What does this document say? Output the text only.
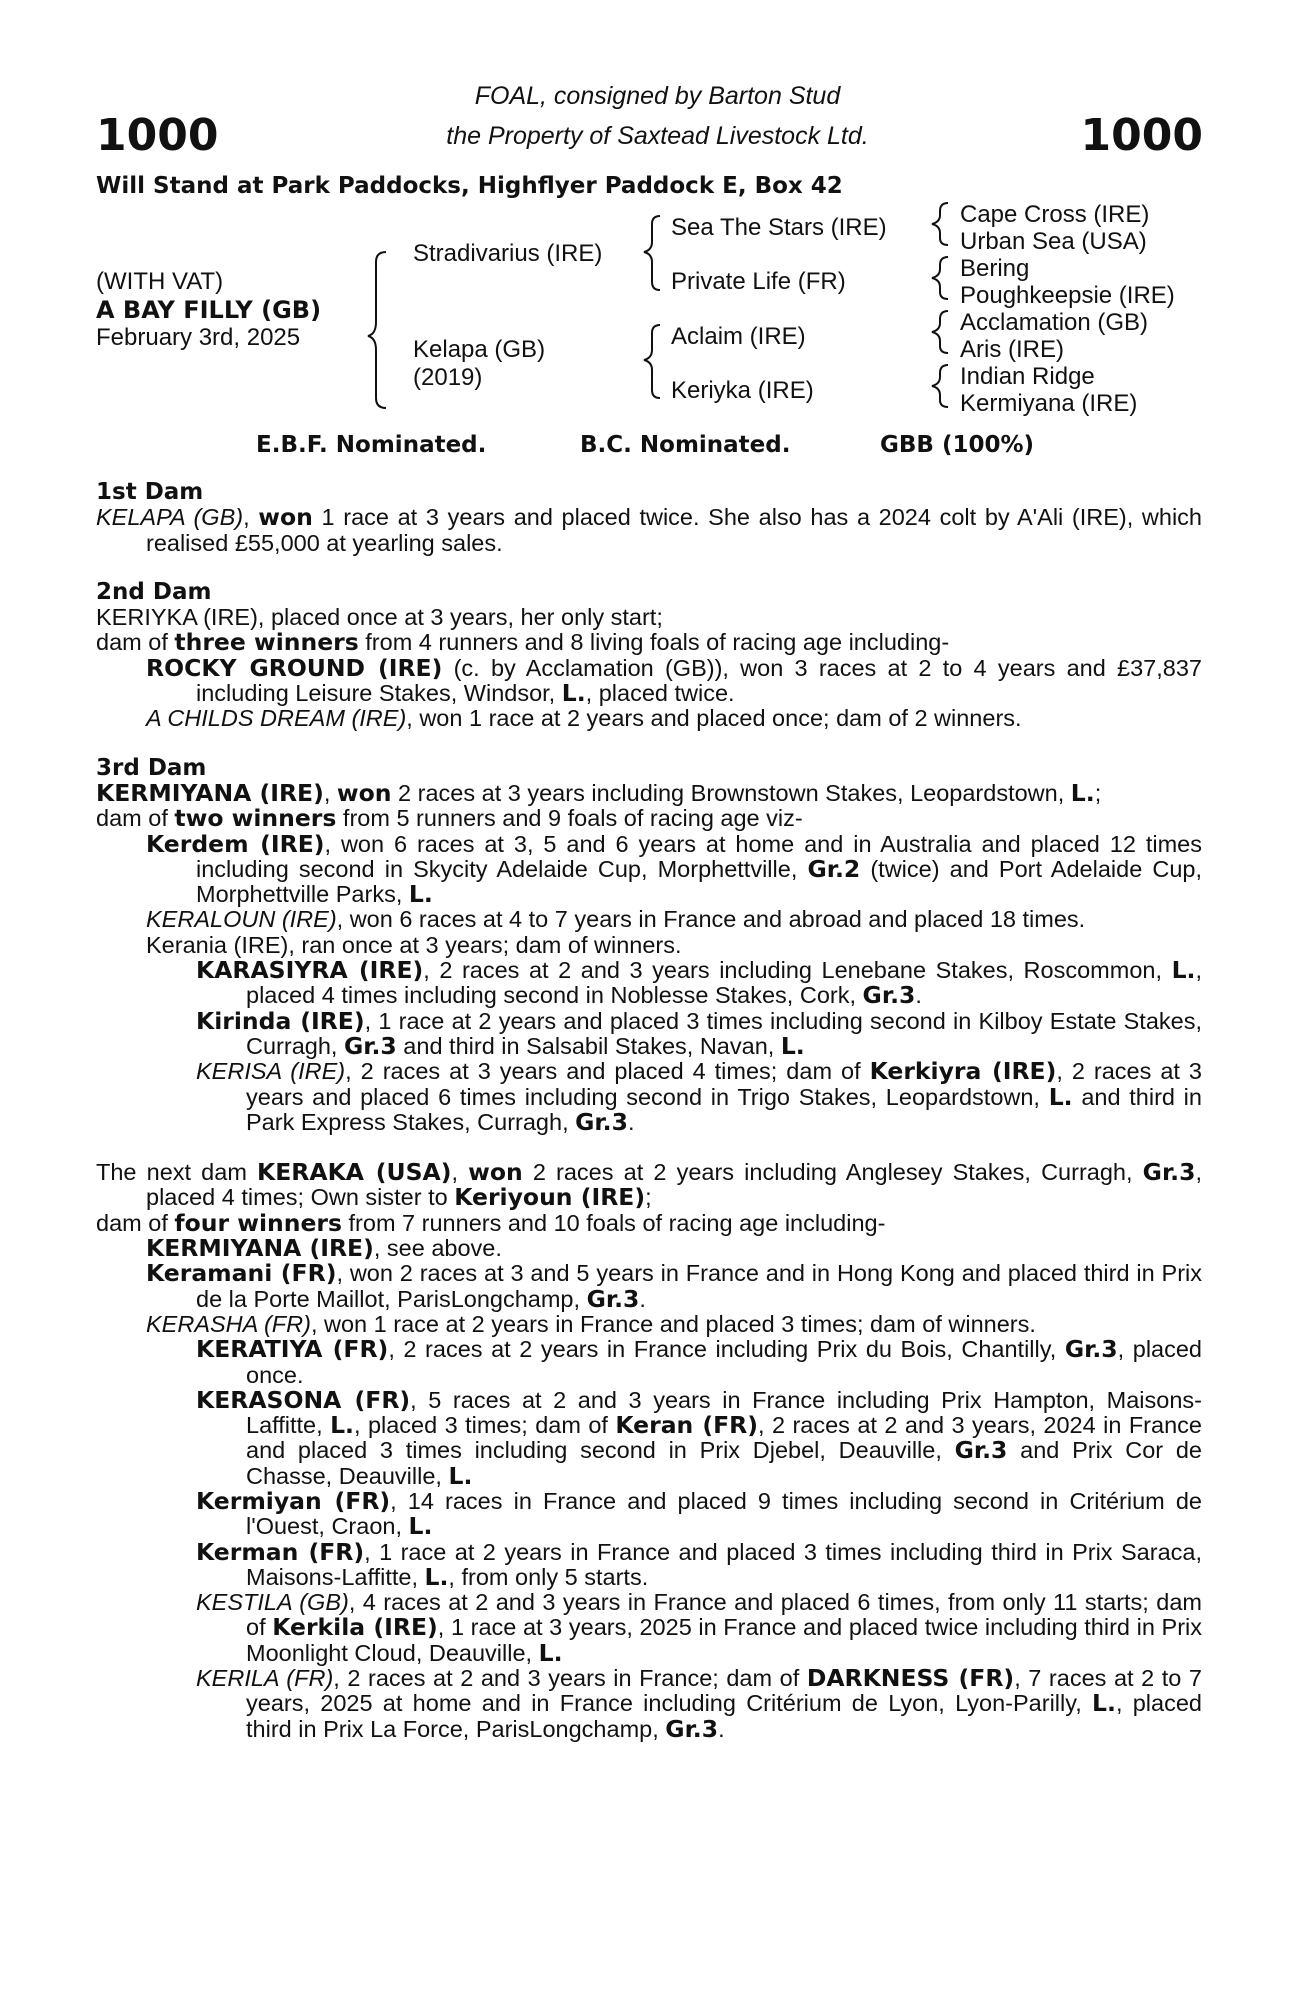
1000	1000
FOAL, consigned by Barton Stud
the Property of Saxtead Livestock Ltd.
Will Stand at Park Paddocks, Highflyer Paddock E, Box 42
(WITH VAT)
A BAY FILLY (GB)
February 3rd, 2025
Stradivarius (IRE)
Kelapa (GB)
(2019)
Sea The Stars (IRE)
Private Life (FR)
Aclaim (IRE)
Keriyka (IRE)
Cape Cross (IRE)
Urban Sea (USA)
Bering
Poughkeepsie (IRE)
Acclamation (GB)
Aris (IRE)
Indian Ridge
Kermiyana (IRE)
E.B.F. Nominated.	B.C. Nominated.	GBB (100%)
1st Dam

KELAPA (GB), won 1 race at 3 years and placed twice. She also has a 2024 colt by A'Ali (IRE), which realised £55,000 at yearling sales.

2nd Dam

KERIYKA (IRE), placed once at 3 years, her only start;

dam of three winners from 4 runners and 8 living foals of racing age including-

ROCKY GROUND (IRE) (c. by Acclamation (GB)), won 3 races at 2 to 4 years and £37,837 including Leisure Stakes, Windsor, L., placed twice.

A CHILDS DREAM (IRE), won 1 race at 2 years and placed once; dam of 2 winners.

3rd Dam

KERMIYANA (IRE), won 2 races at 3 years including Brownstown Stakes, Leopardstown, L.;

dam of two winners from 5 runners and 9 foals of racing age viz-

Kerdem (IRE), won 6 races at 3, 5 and 6 years at home and in Australia and placed 12 times including second in Skycity Adelaide Cup, Morphettville, Gr.2 (twice) and Port Adelaide Cup, Morphettville Parks, L.

KERALOUN (IRE), won 6 races at 4 to 7 years in France and abroad and placed 18 times.

Kerania (IRE), ran once at 3 years; dam of winners.

KARASIYRA (IRE), 2 races at 2 and 3 years including Lenebane Stakes, Roscommon, L., placed 4 times including second in Noblesse Stakes, Cork, Gr.3.

Kirinda (IRE), 1 race at 2 years and placed 3 times including second in Kilboy Estate Stakes, Curragh, Gr.3 and third in Salsabil Stakes, Navan, L.

KERISA (IRE), 2 races at 3 years and placed 4 times; dam of Kerkiyra (IRE), 2 races at 3 years and placed 6 times including second in Trigo Stakes, Leopardstown, L. and third in Park Express Stakes, Curragh, Gr.3.

The next dam KERAKA (USA), won 2 races at 2 years including Anglesey Stakes, Curragh, Gr.3, placed 4 times; Own sister to Keriyoun (IRE);

dam of four winners from 7 runners and 10 foals of racing age including-

KERMIYANA (IRE), see above.

Keramani (FR), won 2 races at 3 and 5 years in France and in Hong Kong and placed third in Prix de la Porte Maillot, ParisLongchamp, Gr.3.

KERASHA (FR), won 1 race at 2 years in France and placed 3 times; dam of winners.

KERATIYA (FR), 2 races at 2 years in France including Prix du Bois, Chantilly, Gr.3, placed once.

KERASONA (FR), 5 races at 2 and 3 years in France including Prix Hampton, Maisons-Laffitte, L., placed 3 times; dam of Keran (FR), 2 races at 2 and 3 years, 2024 in France and placed 3 times including second in Prix Djebel, Deauville, Gr.3 and Prix Cor de Chasse, Deauville, L.

Kermiyan (FR), 14 races in France and placed 9 times including second in Critérium de l'Ouest, Craon, L.

Kerman (FR), 1 race at 2 years in France and placed 3 times including third in Prix Saraca, Maisons-Laffitte, L., from only 5 starts.

KESTILA (GB), 4 races at 2 and 3 years in France and placed 6 times, from only 11 starts; dam of Kerkila (IRE), 1 race at 3 years, 2025 in France and placed twice including third in Prix Moonlight Cloud, Deauville, L.

KERILA (FR), 2 races at 2 and 3 years in France; dam of DARKNESS (FR), 7 races at 2 to 7 years, 2025 at home and in France including Critérium de Lyon, Lyon-Parilly, L., placed third in Prix La Force, ParisLongchamp, Gr.3.
